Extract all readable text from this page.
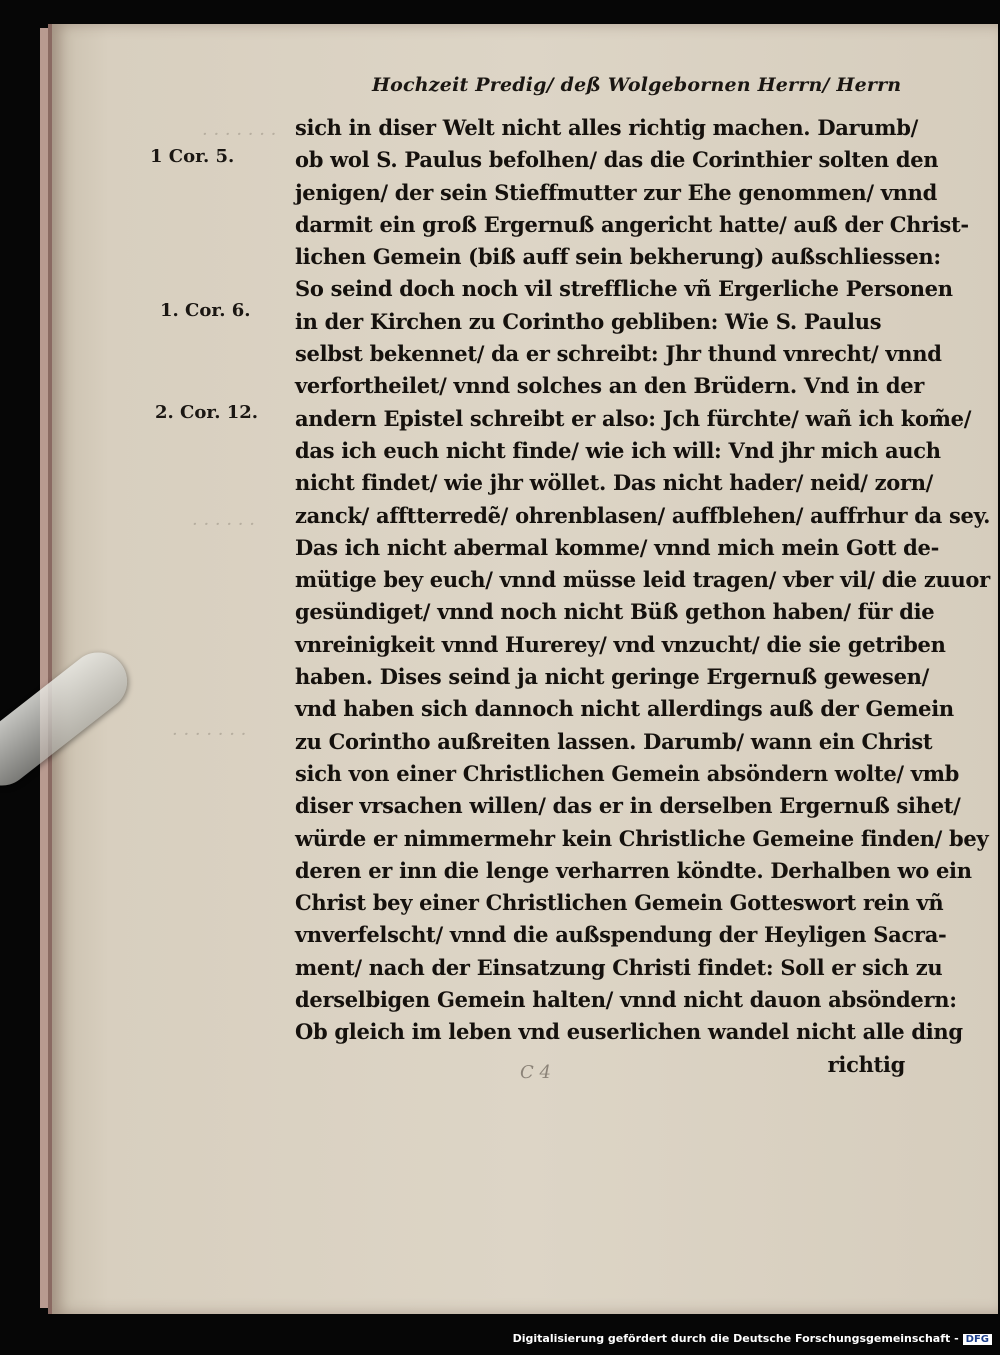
· · · · · · ·
· · · · · ·
· · · · · · ·
Hochzeit Predig/ deß Wolgebornen Herrn/ Herrn
1 Cor. 5.
1. Cor. 6.
2. Cor. 12.
sich in diser Welt nicht alles richtig machen. Darumb/
ob wol S. Paulus befolhen/ das die Corinthier solten den
jenigen/ der sein Stieffmutter zur Ehe genommen/ vnnd
darmit ein groß Ergernuß angericht hatte/ auß der Christ-
lichen Gemein (biß auff sein bekherung) außschliessen:
So seind doch noch vil streffliche vñ Ergerliche Personen
in der Kirchen zu Corintho gebliben: Wie S. Paulus
selbst bekennet/ da er schreibt: Jhr thund vnrecht/ vnnd
verfortheilet/ vnnd solches an den Brüdern. Vnd in der
andern Epistel schreibt er also: Jch fürchte/ wañ ich kom̃e/
das ich euch nicht finde/ wie ich will: Vnd jhr mich auch
nicht findet/ wie jhr wöllet. Das nicht hader/ neid/ zorn/
zanck/ afftterredẽ/ ohrenblasen/ auffblehen/ auffrhur da sey.
Das ich nicht abermal komme/ vnnd mich mein Gott de-
mütige bey euch/ vnnd müsse leid tragen/ vber vil/ die zuuor
gesündiget/ vnnd noch nicht Büß gethon haben/ für die
vnreinigkeit vnnd Hurerey/ vnd vnzucht/ die sie getriben
haben. Dises seind ja nicht geringe Ergernuß gewesen/
vnd haben sich dannoch nicht allerdings auß der Gemein
zu Corintho außreiten lassen. Darumb/ wann ein Christ
sich von einer Christlichen Gemein absöndern wolte/ vmb
diser vrsachen willen/ das er in derselben Ergernuß sihet/
würde er nimmermehr kein Christliche Gemeine finden/ bey
deren er inn die lenge verharren köndte. Derhalben wo ein
Christ bey einer Christlichen Gemein Gotteswort rein vñ
vnverfelscht/ vnnd die außspendung der Heyligen Sacra-
ment/ nach der Einsatzung Christi findet: Soll er sich zu
derselbigen Gemein halten/ vnnd nicht dauon absöndern:
Ob gleich im leben vnd euserlichen wandel nicht alle ding
richtig
C 4
Digitalisierung gefördert durch die Deutsche Forschungsgemeinschaft - DFG
